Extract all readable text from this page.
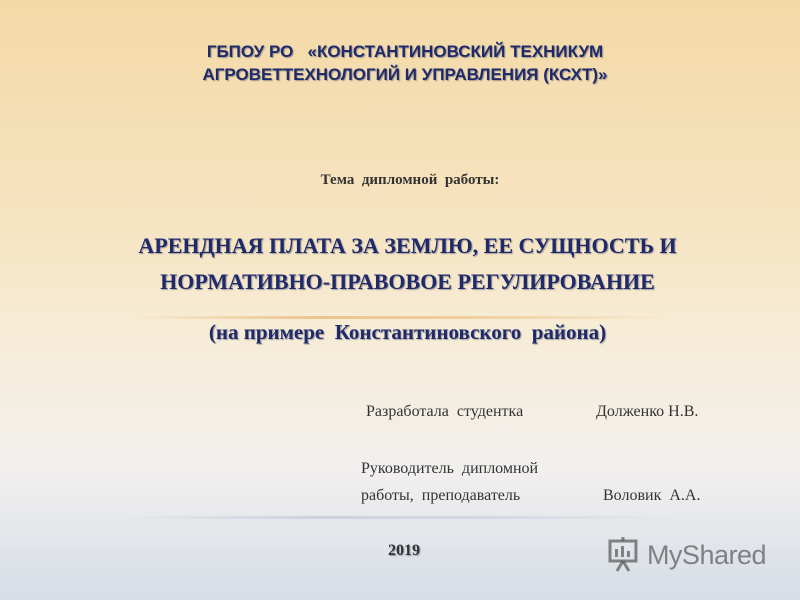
ГБПОУ РО   «КОНСТАНТИНОВСКИЙ ТЕХНИКУМ
АГРОВЕТТЕХНОЛОГИЙ И УПРАВЛЕНИЯ (КСХТ)»
Тема  дипломной  работы:
АРЕНДНАЯ ПЛАТА ЗА ЗЕМЛЮ, ЕЕ СУЩНОСТЬ И
НОРМАТИВНО-ПРАВОВОЕ РЕГУЛИРОВАНИЕ
(на примере  Константиновского  района)
Разработала  студентка	Долженко Н.В.
Руководитель  дипломной
работы,  преподаватель	Воловик  А.А.
2019	MyShared
